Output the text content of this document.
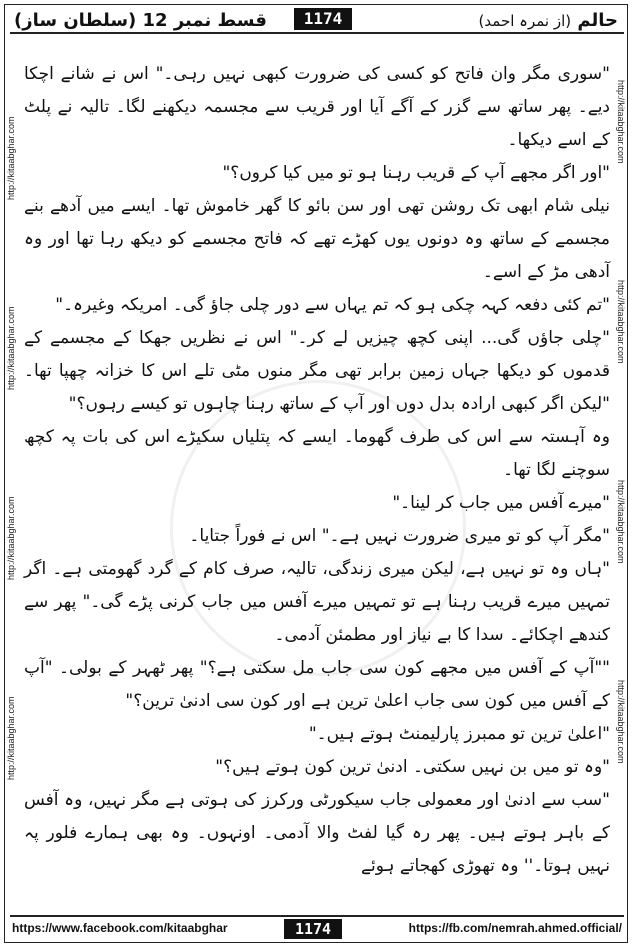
قسط نمبر 12 (سلطان ساز)	1174	حالم (از نمرہ احمد)
http://kitaabghar.com
http://kitaabghar.com
http://kitaabghar.com
http://kitaabghar.com
http://kitaabghar.com
http://kitaabghar.com
http://kitaabghar.com
http://kitaabghar.com

"سوری مگر وان فاتح کو کسی کی ضرورت کبھی نہیں رہی۔" اس نے شانے اچکا دیے۔ پھر ساتھ سے گزر کے آگے آیا اور قریب سے مجسمہ دیکھنے لگا۔ تالیہ نے پلٹ کے اسے دیکھا۔

"اور اگر مجھے آپ کے قریب رہنا ہو تو میں کیا کروں؟"

نیلی شام ابھی تک روشن تھی اور سن بائو کا گھر خاموش تھا۔ ایسے میں آدھے بنے مجسمے کے ساتھ وہ دونوں یوں کھڑے تھے کہ فاتح مجسمے کو دیکھ رہا تھا اور وہ آدھی مڑ کے اسے۔

"تم کئی دفعہ کہہ چکی ہو کہ تم یہاں سے دور چلی جاؤ گی۔ امریکہ وغیرہ۔"

"چلی جاؤں گی... اپنی کچھ چیزیں لے کر۔" اس نے نظریں جھکا کے مجسمے کے قدموں کو دیکھا جہاں زمین برابر تھی مگر منوں مٹی تلے اس کا خزانہ چھپا تھا۔ "لیکن اگر کبھی ارادہ بدل دوں اور آپ کے ساتھ رہنا چاہوں تو کیسے رہوں؟"

وہ آہستہ سے اس کی طرف گھوما۔ ایسے کہ پتلیاں سکیڑے اس کی بات پہ کچھ سوچنے لگا تھا۔

"میرے آفس میں جاب کر لینا۔"

"مگر آپ کو تو میری ضرورت نہیں ہے۔" اس نے فوراً جتایا۔

"ہاں وہ تو نہیں ہے، لیکن میری زندگی، تالیہ، صرف کام کے گرد گھومتی ہے۔ اگر تمہیں میرے قریب رہنا ہے تو تمہیں میرے آفس میں جاب کرنی پڑے گی۔" پھر سے کندھے اچکائے۔ سدا کا بے نیاز اور مطمئن آدمی۔

""آپ کے آفس میں مجھے کون سی جاب مل سکتی ہے؟" پھر ٹھہر کے بولی۔ "آپ کے آفس میں کون سی جاب اعلیٰ ترین ہے اور کون سی ادنیٰ ترین؟"

"اعلیٰ ترین تو ممبرز پارلیمنٹ ہوتے ہیں۔"

"وہ تو میں بن نہیں سکتی۔ ادنیٰ ترین کون ہوتے ہیں؟"

"سب سے ادنیٰ اور معمولی جاب سیکورٹی ورکرز کی ہوتی ہے مگر نہیں، وہ آفس کے باہر ہوتے ہیں۔ پھر رہ گیا لفٹ والا آدمی۔ اونہوں۔ وہ بھی ہمارے فلور پہ نہیں ہوتا۔'' وہ تھوڑی کھجاتے ہوئے

https://www.facebook.com/kitaabghar	1174	https://fb.com/nemrah.ahmed.official/
